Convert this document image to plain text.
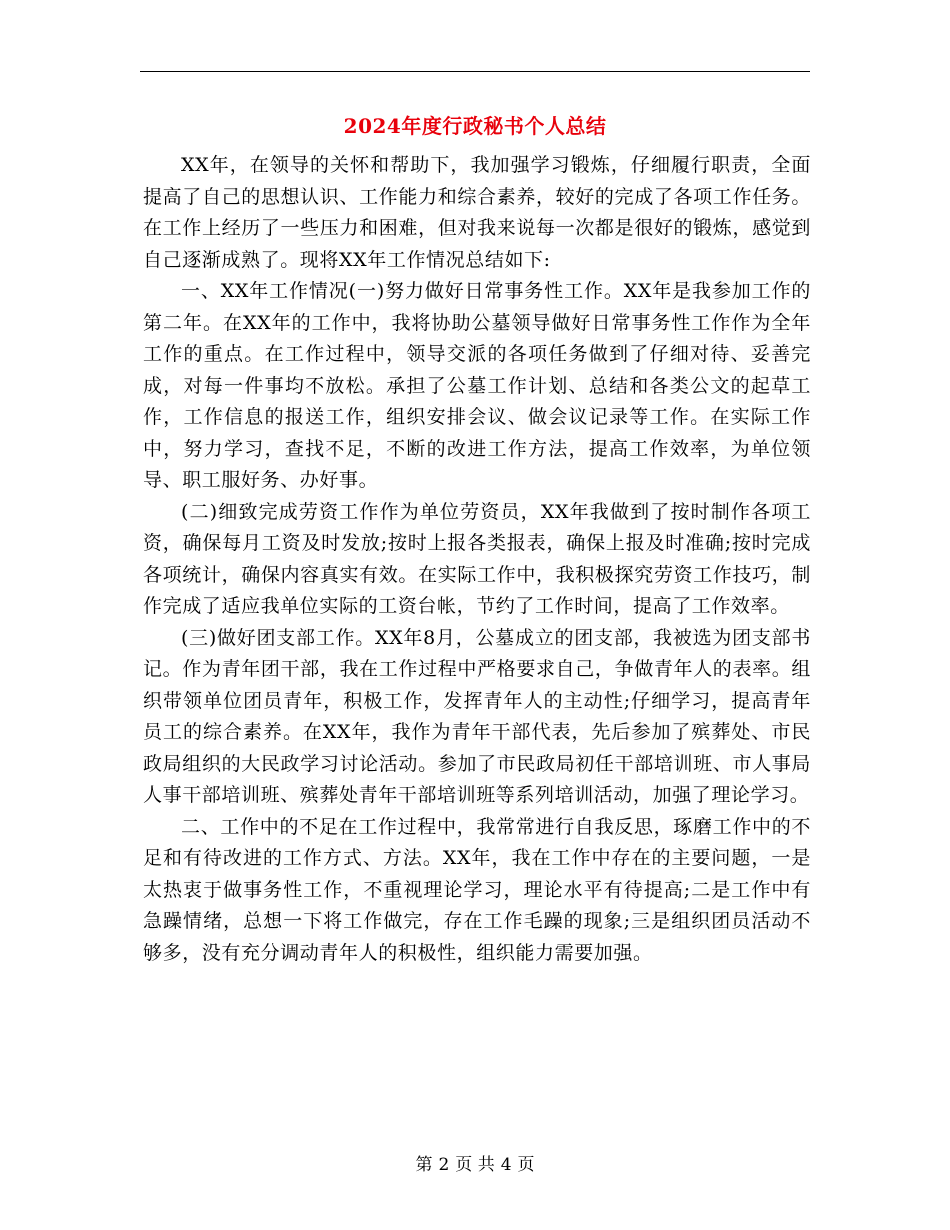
2024年度行政秘书个人总结

XX年，在领导的关怀和帮助下，我加强学习锻炼，仔细履行职责，全面提高了自己的思想认识、工作能力和综合素养，较好的完成了各项工作任务。在工作上经历了一些压力和困难，但对我来说每一次都是很好的锻炼，感觉到自己逐渐成熟了。现将XX年工作情况总结如下:

一、XX年工作情况(一)努力做好日常事务性工作。XX年是我参加工作的第二年。在XX年的工作中，我将协助公墓领导做好日常事务性工作作为全年工作的重点。在工作过程中，领导交派的各项任务做到了仔细对待、妥善完成，对每一件事均不放松。承担了公墓工作计划、总结和各类公文的起草工作，工作信息的报送工作，组织安排会议、做会议记录等工作。在实际工作中，努力学习，查找不足，不断的改进工作方法，提高工作效率，为单位领导、职工服好务、办好事。

(二)细致完成劳资工作作为单位劳资员，XX年我做到了按时制作各项工资，确保每月工资及时发放;按时上报各类报表，确保上报及时准确;按时完成各项统计，确保内容真实有效。在实际工作中，我积极探究劳资工作技巧，制作完成了适应我单位实际的工资台帐，节约了工作时间，提高了工作效率。

(三)做好团支部工作。XX年8月，公墓成立的团支部，我被选为团支部书记。作为青年团干部，我在工作过程中严格要求自己，争做青年人的表率。组织带领单位团员青年，积极工作，发挥青年人的主动性;仔细学习，提高青年员工的综合素养。在XX年，我作为青年干部代表，先后参加了殡葬处、市民政局组织的大民政学习讨论活动。参加了市民政局初任干部培训班、市人事局人事干部培训班、殡葬处青年干部培训班等系列培训活动，加强了理论学习。

二、工作中的不足在工作过程中，我常常进行自我反思，琢磨工作中的不足和有待改进的工作方式、方法。XX年，我在工作中存在的主要问题，一是太热衷于做事务性工作，不重视理论学习，理论水平有待提高;二是工作中有急躁情绪，总想一下将工作做完，存在工作毛躁的现象;三是组织团员活动不够多，没有充分调动青年人的积极性，组织能力需要加强。

第 2 页 共 4 页
